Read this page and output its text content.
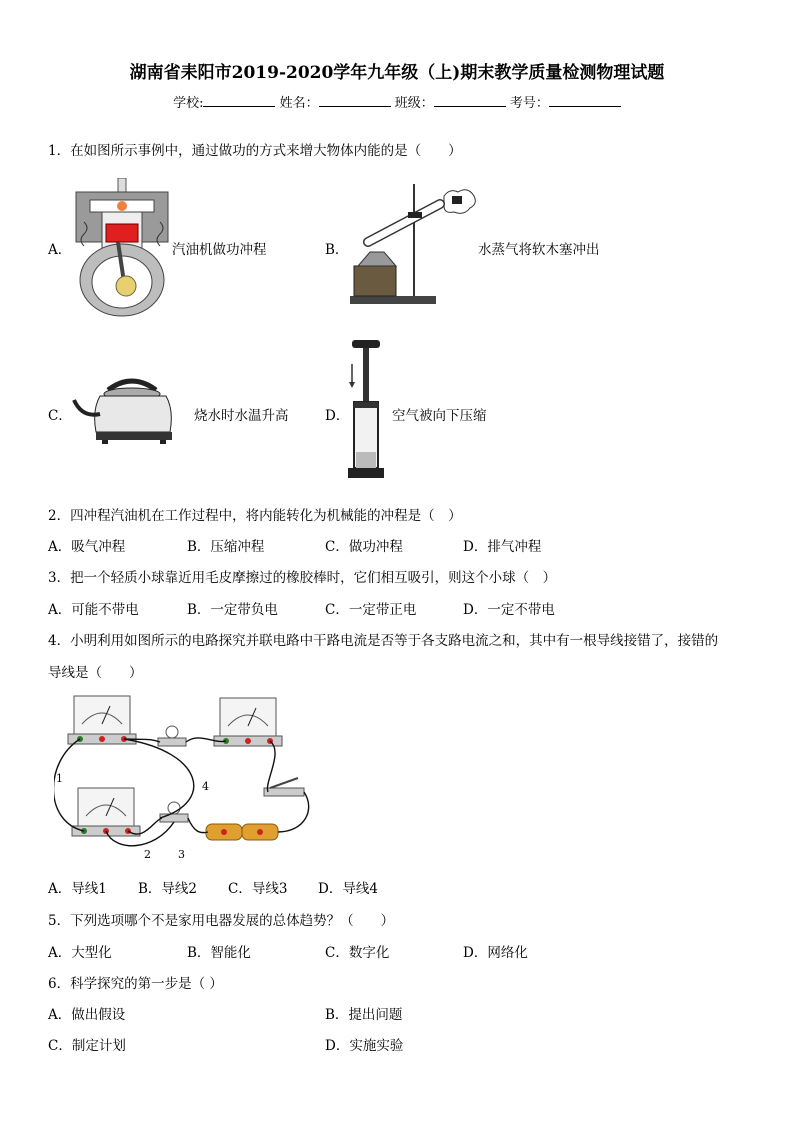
湖南省耒阳市2019-2020学年九年级（上)期末教学质量检测物理试题
学校:	姓名：	班级：	考号：
1．在如图所示事例中，通过做功的方式来增大物体内能的是（　　）
A．	汽油机做功冲程	B．	水蒸气将软木塞冲出
C．	烧水时水温升高	D．	空气被向下压缩
2．四冲程汽油机在工作过程中，将内能转化为机械能的冲程是（　）
A．吸气冲程	B．压缩冲程	C．做功冲程	D．排气冲程
3．把一个轻质小球靠近用毛皮摩擦过的橡胶棒时，它们相互吸引，则这个小球（　）
A．可能不带电	B．一定带负电	C．一定带正电	D．一定不带电
4．小明利用如图所示的电路探究并联电路中干路电流是否等于各支路电流之和，其中有一根导线接错了，接错的
导线是（　　）
1
2 3
4
A．导线1 B．导线2 C．导线3 D．导线4
5．下列选项哪个不是家用电器发展的总体趋势？（　　）
A．大型化	B．智能化	C．数字化	D．网络化
6．科学探究的第一步是（ ）
A．做出假设	B．提出问题
C．制定计划	D．实施实验
